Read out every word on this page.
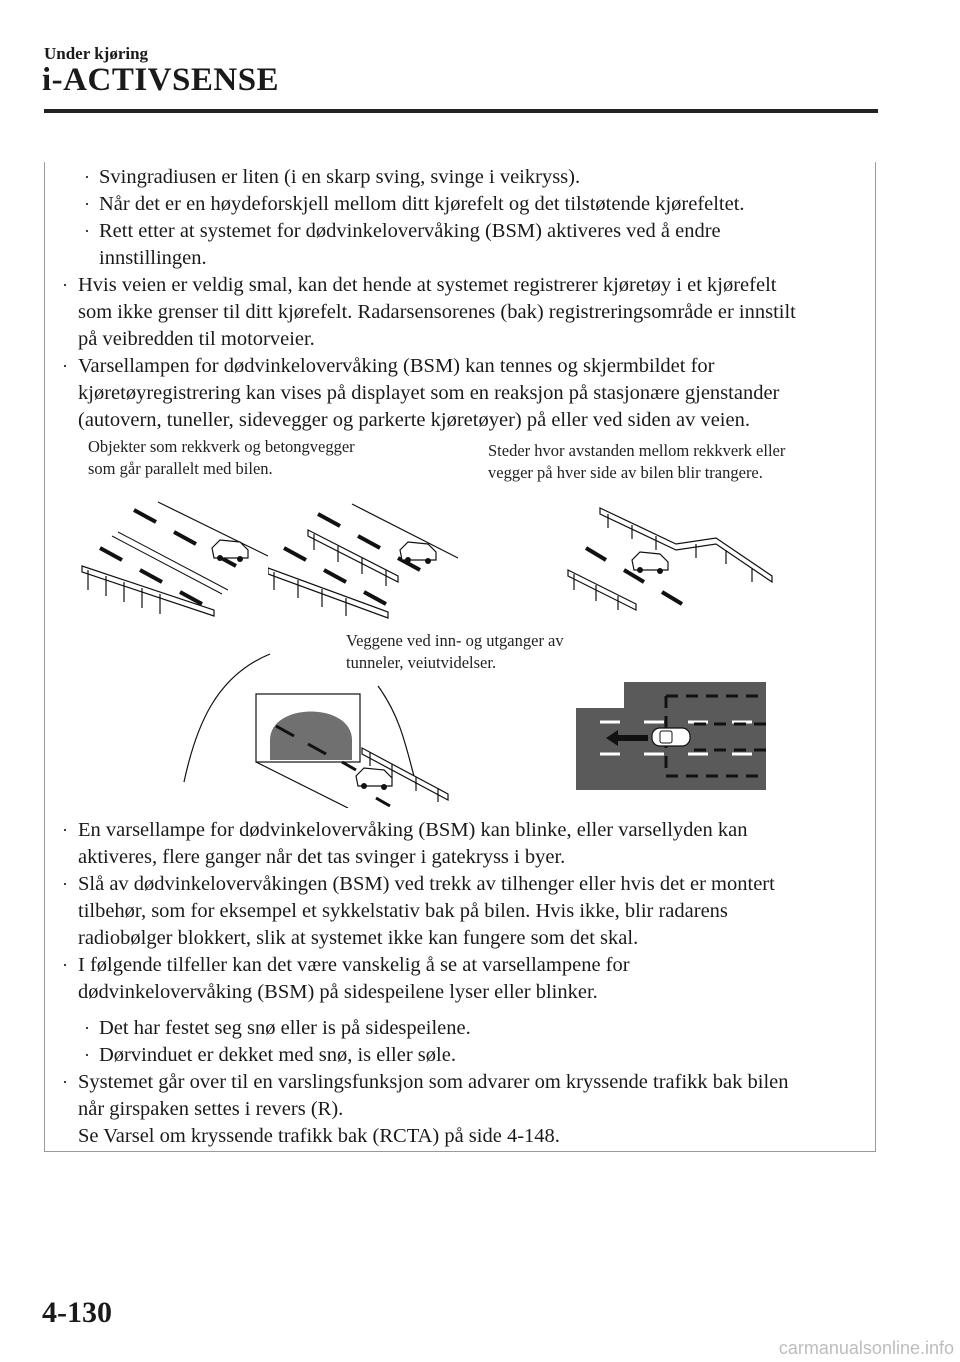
Under kjøring
i-ACTIVSENSE
· Svingradiusen er liten (i en skarp sving, svinge i veikryss).
· Når det er en høydeforskjell mellom ditt kjørefelt og det tilstøtende kjørefeltet.
· Rett etter at systemet for dødvinkelovervåking (BSM) aktiveres ved å endre
innstillingen.
· Hvis veien er veldig smal, kan det hende at systemet registrerer kjøretøy i et kjørefelt
som ikke grenser til ditt kjørefelt. Radarsensorenes (bak) registreringsområde er innstilt
på veibredden til motorveier.
· Varsellampen for dødvinkelovervåking (BSM) kan tennes og skjermbildet for
kjøretøyregistrering kan vises på displayet som en reaksjon på stasjonære gjenstander
(autovern, tuneller, sidevegger og parkerte kjøretøyer) på eller ved siden av veien.
Objekter som rekkverk og betongvegger
som går parallelt med bilen.
Steder hvor avstanden mellom rekkverk eller
vegger på hver side av bilen blir trangere.
Veggene ved inn- og utganger av
tunneler, veiutvidelser.
· En varsellampe for dødvinkelovervåking (BSM) kan blinke, eller varsellyden kan
aktiveres, flere ganger når det tas svinger i gatekryss i byer.
· Slå av dødvinkelovervåkingen (BSM) ved trekk av tilhenger eller hvis det er montert
tilbehør, som for eksempel et sykkelstativ bak på bilen. Hvis ikke, blir radarens
radiobølger blokkert, slik at systemet ikke kan fungere som det skal.
· I følgende tilfeller kan det være vanskelig å se at varsellampene for
dødvinkelovervåking (BSM) på sidespeilene lyser eller blinker.
· Det har festet seg snø eller is på sidespeilene.
· Dørvinduet er dekket med snø, is eller søle.
· Systemet går over til en varslingsfunksjon som advarer om kryssende trafikk bak bilen
når girspaken settes i revers (R).
Se Varsel om kryssende trafikk bak (RCTA) på side 4-148.
4-130
carmanualsonline.info
